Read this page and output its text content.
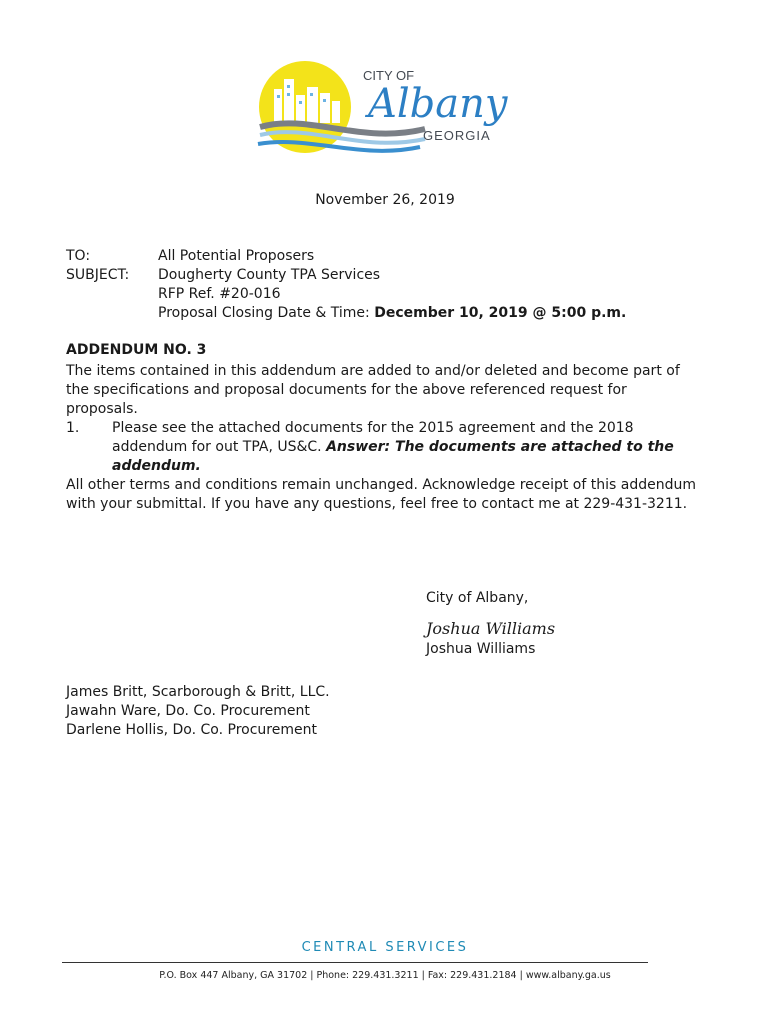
CITY OF
Albany
GEORGIA
November 26, 2019
TO:	All Potential Proposers
SUBJECT:	Dougherty County TPA Services
RFP Ref. #20-016
Proposal Closing Date & Time: December 10, 2019 @ 5:00 p.m.
ADDENDUM NO. 3
The items contained in this addendum are added to and/or deleted and become part of the specifications and proposal documents for the above referenced request for proposals.
1.	Please see the attached documents for the 2015 agreement and the 2018 addendum for out TPA, US&C. Answer: The documents are attached to the addendum.
All other terms and conditions remain unchanged. Acknowledge receipt of this addendum with your submittal. If you have any questions, feel free to contact me at 229-431-3211.
City of Albany,
Joshua Williams
Joshua Williams
James Britt, Scarborough & Britt, LLC.
Jawahn Ware, Do. Co. Procurement
Darlene Hollis, Do. Co. Procurement
CENTRAL SERVICES
P.O. Box 447 Albany, GA 31702 | Phone: 229.431.3211 | Fax: 229.431.2184 | www.albany.ga.us
